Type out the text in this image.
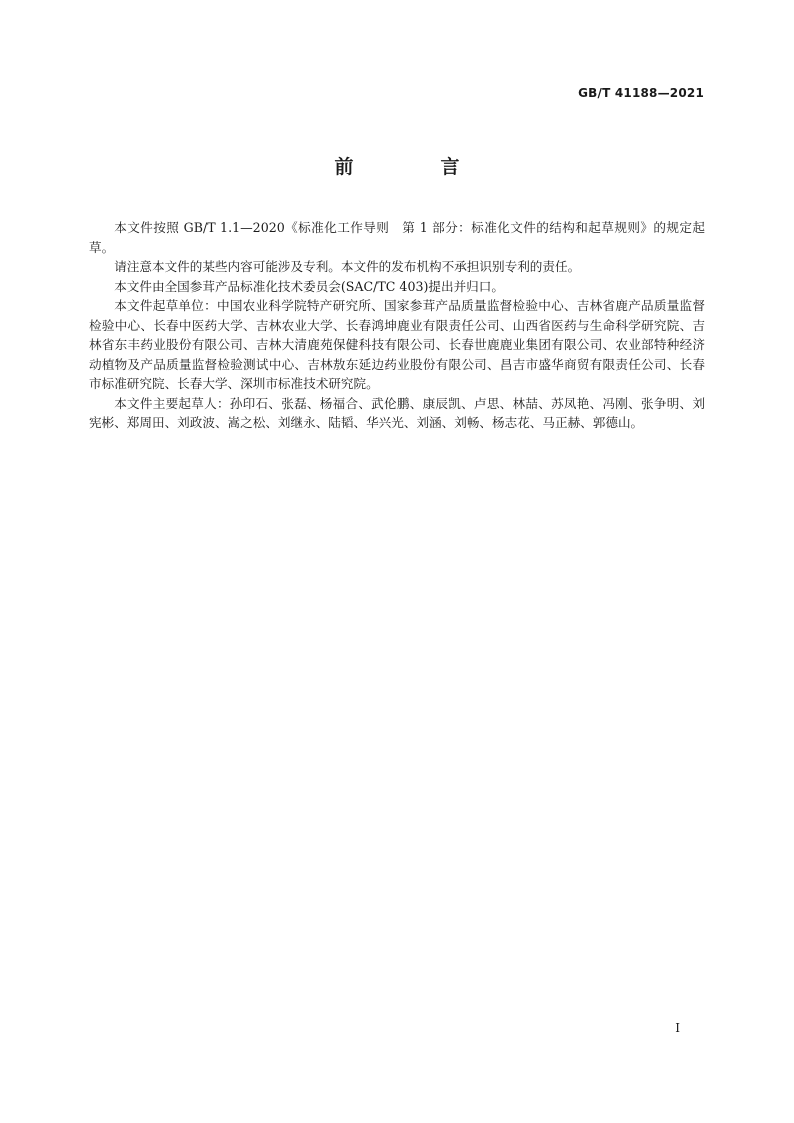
GB/T 41188—2021
前　言

本文件按照 GB/T 1.1—2020《标准化工作导则　第 1 部分：标准化文件的结构和起草规则》的规定起草。

请注意本文件的某些内容可能涉及专利。本文件的发布机构不承担识别专利的责任。

本文件由全国参茸产品标准化技术委员会(SAC/TC 403)提出并归口。

本文件起草单位：中国农业科学院特产研究所、国家参茸产品质量监督检验中心、吉林省鹿产品质量监督检验中心、长春中医药大学、吉林农业大学、长春鸿坤鹿业有限责任公司、山西省医药与生命科学研究院、吉林省东丰药业股份有限公司、吉林大清鹿苑保健科技有限公司、长春世鹿鹿业集团有限公司、农业部特种经济动植物及产品质量监督检验测试中心、吉林敖东延边药业股份有限公司、昌吉市盛华商贸有限责任公司、长春市标准研究院、长春大学、深圳市标准技术研究院。

本文件主要起草人：孙印石、张磊、杨福合、武伦鹏、康辰凯、卢思、林喆、苏凤艳、冯刚、张争明、刘宪彬、郑周田、刘政波、嵩之松、刘继永、陆韬、华兴光、刘涵、刘畅、杨志花、马正赫、郭德山。

I
